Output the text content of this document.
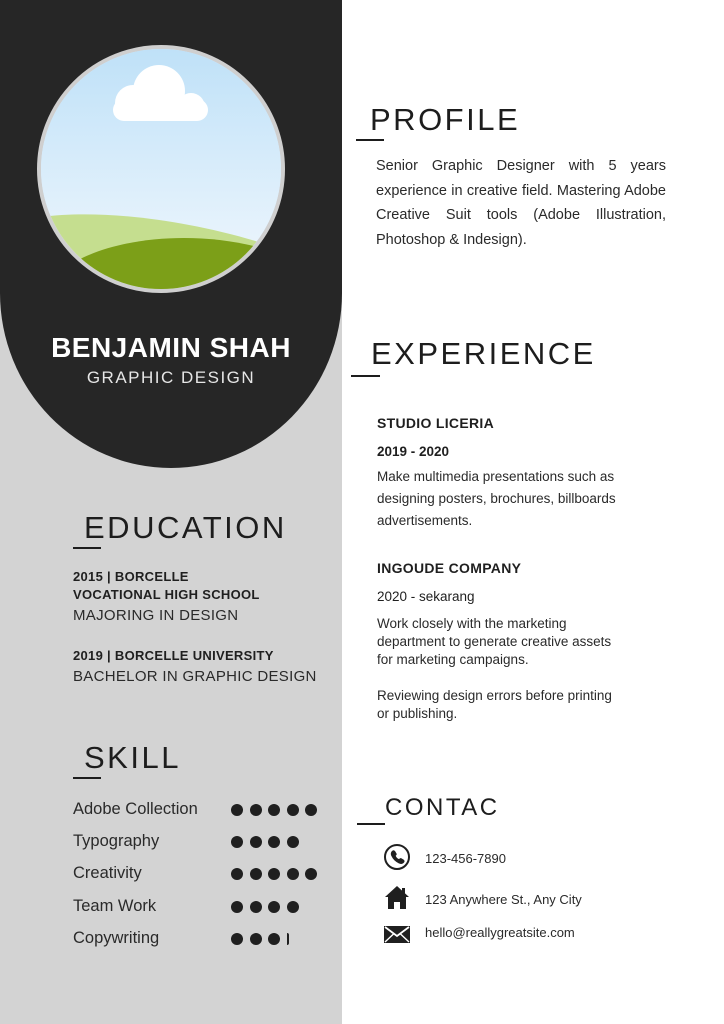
BENJAMIN SHAH
GRAPHIC DESIGN
EDUCATION
2015 | BORCELLE
VOCATIONAL HIGH SCHOOL
MAJORING IN DESIGN
2019 | BORCELLE UNIVERSITY
BACHELOR IN GRAPHIC DESIGN
SKILL
Adobe Collection
Typography
Creativity
Team Work
Copywriting
PROFILE
Senior Graphic Designer with 5 years experience in creative field. Mastering Adobe Creative Suit tools (Adobe Illustration, Photoshop & Indesign).
EXPERIENCE
STUDIO LICERIA
2019 - 2020
Make multimedia presentations such as
designing posters, brochures, billboards
advertisements.
INGOUDE COMPANY
2020 - sekarang
Work closely with the marketing
department to generate creative assets
for marketing campaigns.
Reviewing design errors before printing
or publishing.
CONTAC
123-456-7890
123 Anywhere St., Any City
hello@reallygreatsite.com
